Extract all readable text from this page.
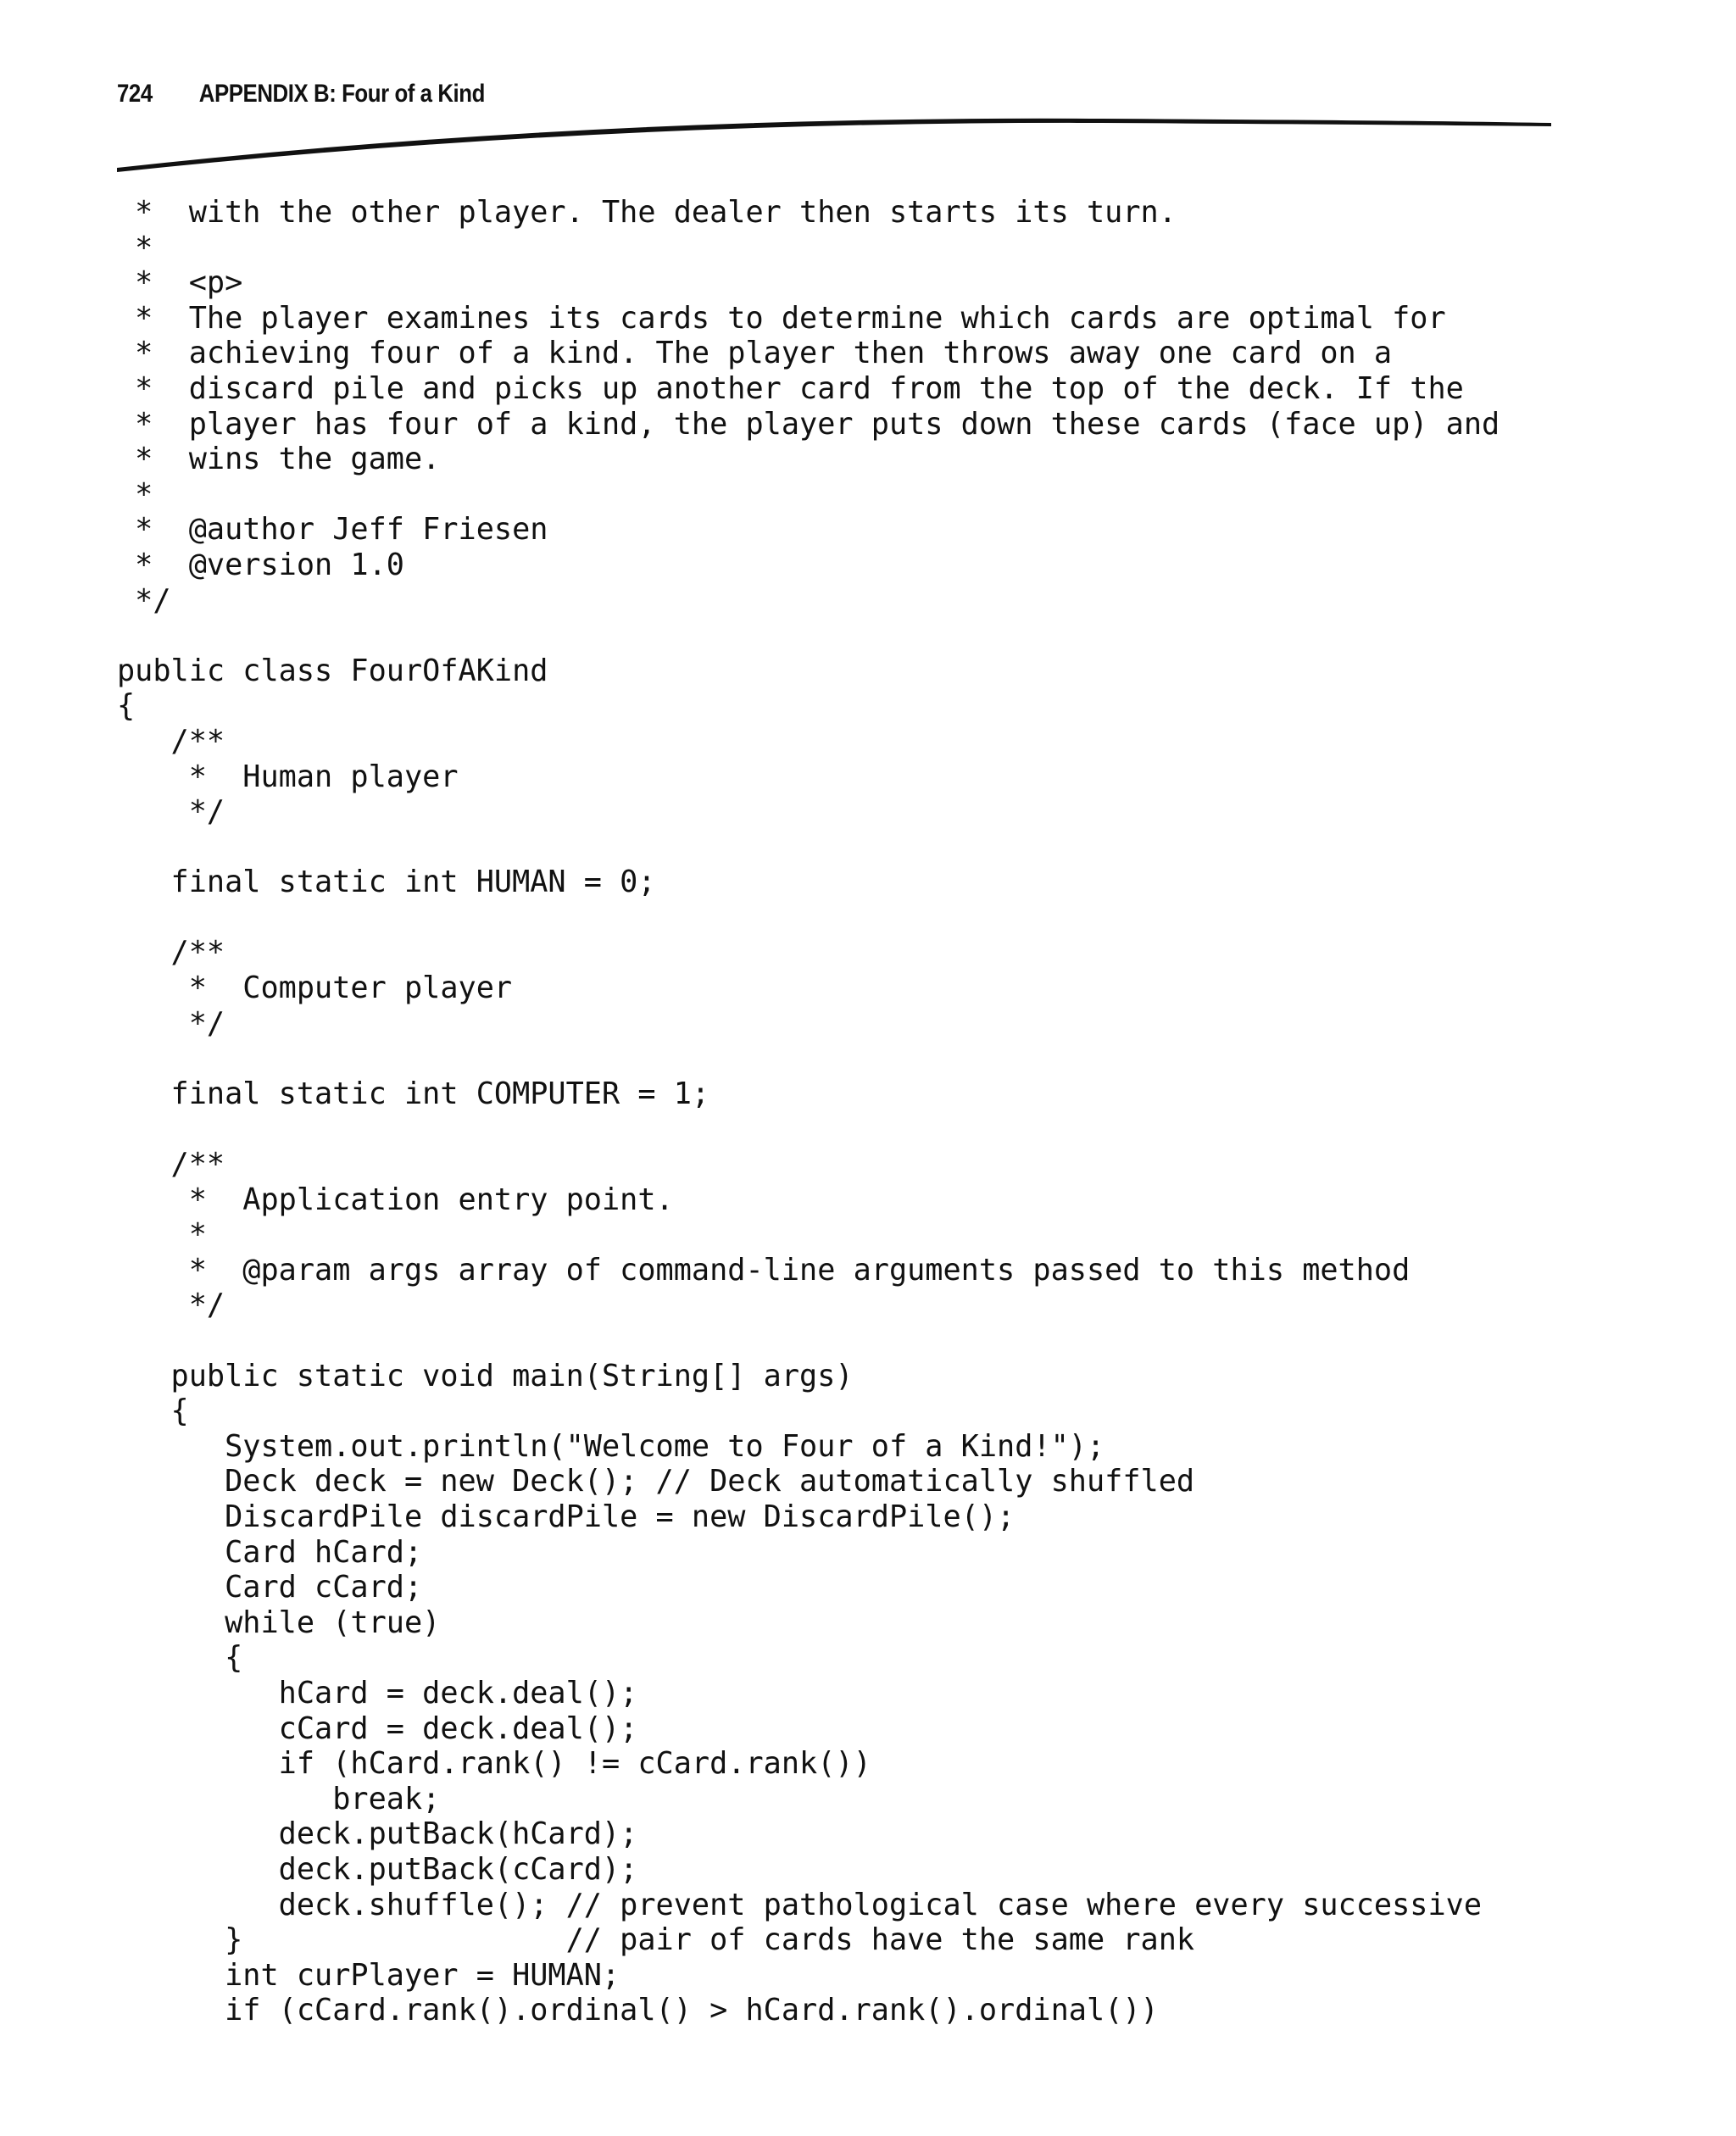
724 APPENDIX B: Four of a Kind
*  with the other player. The dealer then starts its turn.
*
*  <p>
*  The player examines its cards to determine which cards are optimal for
*  achieving four of a kind. The player then throws away one card on a
*  discard pile and picks up another card from the top of the deck. If the
*  player has four of a kind, the player puts down these cards (face up) and
*  wins the game.
*
*  @author Jeff Friesen
*  @version 1.0
*/
public class FourOfAKind
{
/**
*  Human player
*/
final static int HUMAN = 0;
/**
*  Computer player
*/
final static int COMPUTER = 1;
/**
*  Application entry point.
*
*  @param args array of command-line arguments passed to this method
*/
public static void main(String[] args)
{
System.out.println("Welcome to Four of a Kind!");
Deck deck = new Deck(); // Deck automatically shuffled
DiscardPile discardPile = new DiscardPile();
Card hCard;
Card cCard;
while (true)
{
hCard = deck.deal();
cCard = deck.deal();
if (hCard.rank() != cCard.rank())
break;
deck.putBack(hCard);
deck.putBack(cCard);
deck.shuffle(); // prevent pathological case where every successive
}                  // pair of cards have the same rank
int curPlayer = HUMAN;
if (cCard.rank().ordinal() > hCard.rank().ordinal())
